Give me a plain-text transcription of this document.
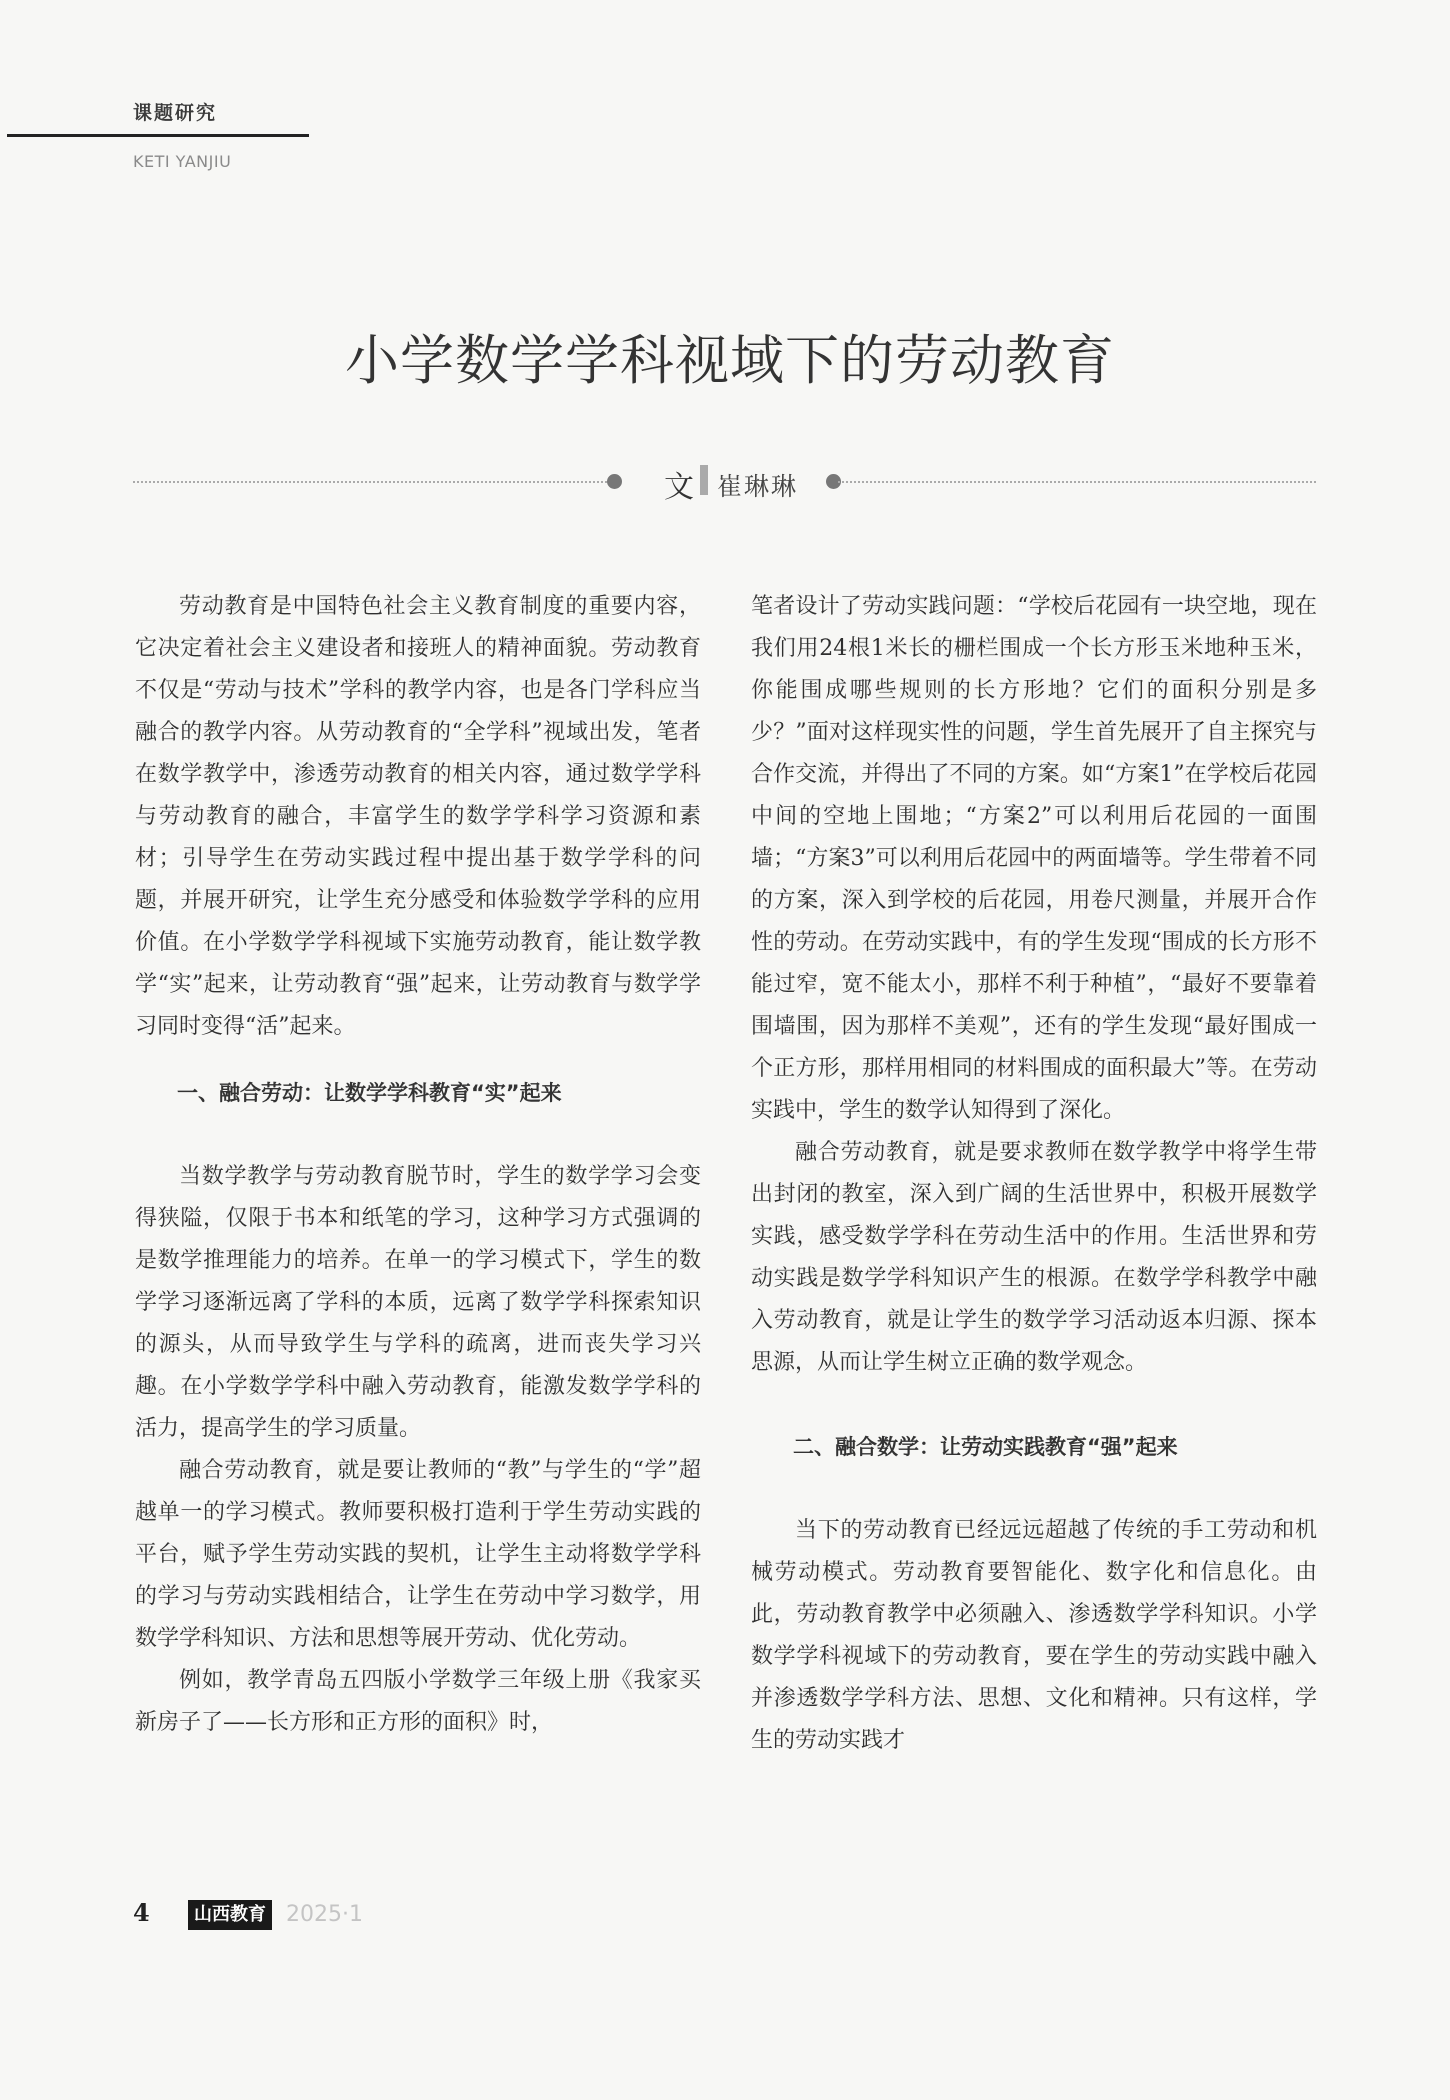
课题研究
KETI YANJIU
小学数学学科视域下的劳动教育
文 崔琳琳

劳动教育是中国特色社会主义教育制度的重要内容，它决定着社会主义建设者和接班人的精神面貌。劳动教育不仅是“劳动与技术”学科的教学内容，也是各门学科应当融合的教学内容。从劳动教育的“全学科”视域出发，笔者在数学教学中，渗透劳动教育的相关内容，通过数学学科与劳动教育的融合，丰富学生的数学学科学习资源和素材；引导学生在劳动实践过程中提出基于数学学科的问题，并展开研究，让学生充分感受和体验数学学科的应用价值。在小学数学学科视域下实施劳动教育，能让数学教学“实”起来，让劳动教育“强”起来，让劳动教育与数学学习同时变得“活”起来。

一、融合劳动：让数学学科教育“实”起来

当数学教学与劳动教育脱节时，学生的数学学习会变得狭隘，仅限于书本和纸笔的学习，这种学习方式强调的是数学推理能力的培养。在单一的学习模式下，学生的数学学习逐渐远离了学科的本质，远离了数学学科探索知识的源头，从而导致学生与学科的疏离，进而丧失学习兴趣。在小学数学学科中融入劳动教育，能激发数学学科的活力，提高学生的学习质量。

融合劳动教育，就是要让教师的“教”与学生的“学”超越单一的学习模式。教师要积极打造利于学生劳动实践的平台，赋予学生劳动实践的契机，让学生主动将数学学科的学习与劳动实践相结合，让学生在劳动中学习数学，用数学学科知识、方法和思想等展开劳动、优化劳动。

例如，教学青岛五四版小学数学三年级上册《我家买新房子了——长方形和正方形的面积》时，

笔者设计了劳动实践问题：“学校后花园有一块空地，现在我们用24根1米长的栅栏围成一个长方形玉米地种玉米，你能围成哪些规则的长方形地？它们的面积分别是多少？”面对这样现实性的问题，学生首先展开了自主探究与合作交流，并得出了不同的方案。如“方案1”在学校后花园中间的空地上围地；“方案2”可以利用后花园的一面围墙；“方案3”可以利用后花园中的两面墙等。学生带着不同的方案，深入到学校的后花园，用卷尺测量，并展开合作性的劳动。在劳动实践中，有的学生发现“围成的长方形不能过窄，宽不能太小，那样不利于种植”，“最好不要靠着围墙围，因为那样不美观”，还有的学生发现“最好围成一个正方形，那样用相同的材料围成的面积最大”等。在劳动实践中，学生的数学认知得到了深化。

融合劳动教育，就是要求教师在数学教学中将学生带出封闭的教室，深入到广阔的生活世界中，积极开展数学实践，感受数学学科在劳动生活中的作用。生活世界和劳动实践是数学学科知识产生的根源。在数学学科教学中融入劳动教育，就是让学生的数学学习活动返本归源、探本思源，从而让学生树立正确的数学观念。

二、融合数学：让劳动实践教育“强”起来

当下的劳动教育已经远远超越了传统的手工劳动和机械劳动模式。劳动教育要智能化、数字化和信息化。由此，劳动教育教学中必须融入、渗透数学学科知识。小学数学学科视域下的劳动教育，要在学生的劳动实践中融入并渗透数学学科方法、思想、文化和精神。只有这样，学生的劳动实践才

4	山西教育 2025·1
